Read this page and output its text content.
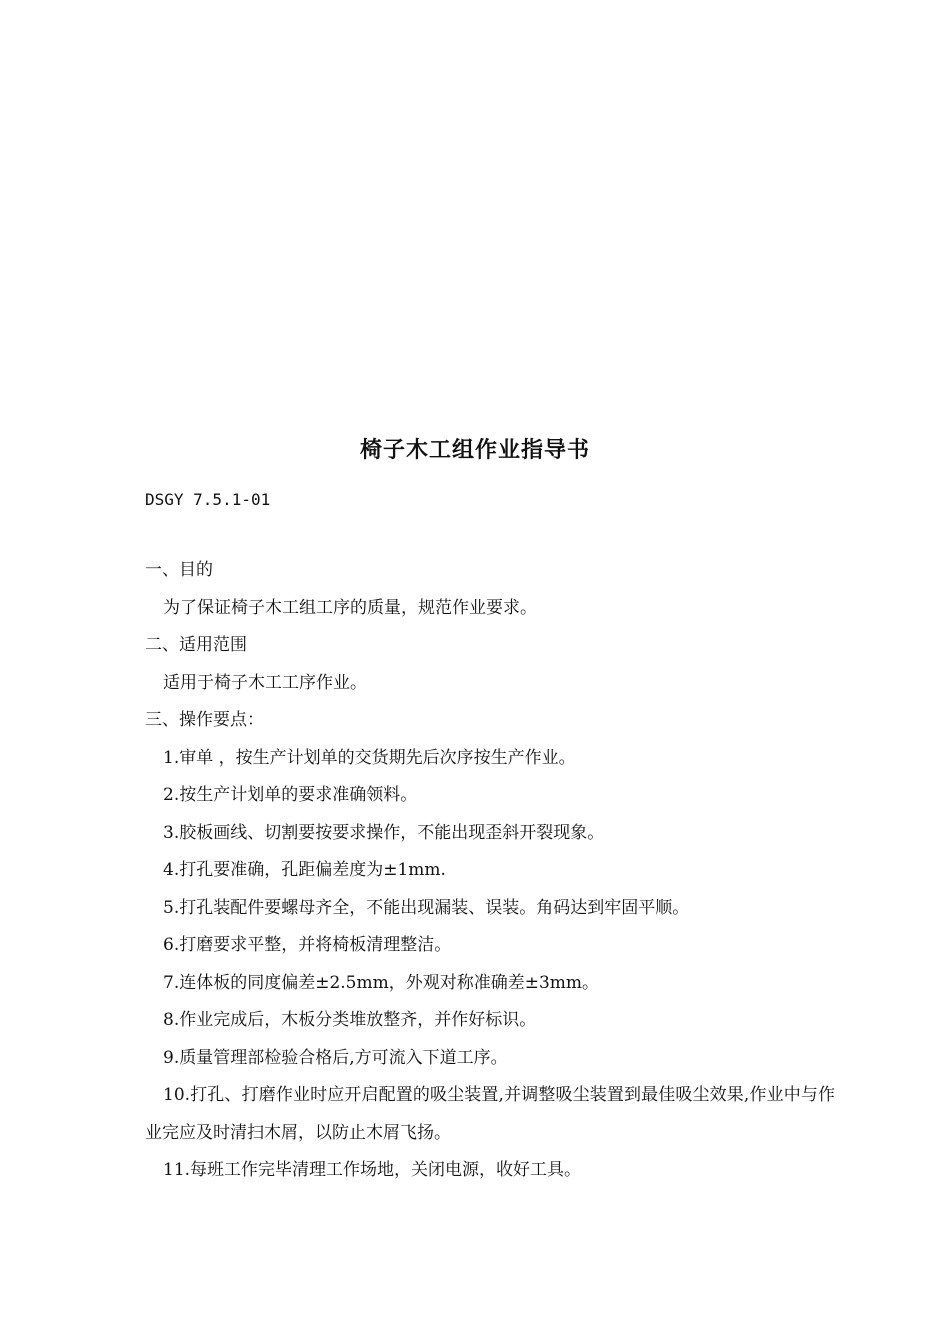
椅子木工组作业指导书
DSGY 7.5.1-01
一、目的
为了保证椅子木工组工序的质量，规范作业要求。
二、适用范围
适用于椅子木工工序作业。
三、操作要点：
1.审单 ，按生产计划单的交货期先后次序按生产作业。
2.按生产计划单的要求准确领料。
3.胶板画线、切割要按要求操作，不能出现歪斜开裂现象。
4.打孔要准确，孔距偏差度为±1mm.
5.打孔装配件要螺母齐全，不能出现漏装、误装。角码达到牢固平顺。
6.打磨要求平整，并将椅板清理整洁。
7.连体板的同度偏差±2.5mm，外观对称准确差±3mm。
8.作业完成后，木板分类堆放整齐，并作好标识。
9.质量管理部检验合格后,方可流入下道工序。
10.打孔、打磨作业时应开启配置的吸尘装置,并调整吸尘装置到最佳吸尘效果,作业中与作业完应及时清扫木屑，以防止木屑飞扬。
11.每班工作完毕清理工作场地，关闭电源，收好工具。
